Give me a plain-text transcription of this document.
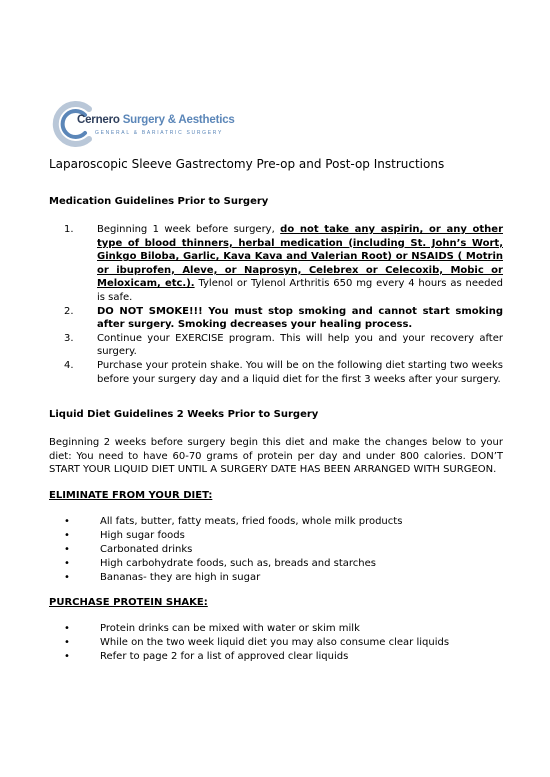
Cernero Surgery & Aesthetics
GENERAL & BARIATRIC SURGERY
Laparoscopic Sleeve Gastrectomy Pre-op and Post-op Instructions
Medication Guidelines Prior to Surgery
1. Beginning 1 week before surgery, do not take any aspirin, or any other type of blood thinners, herbal medication (including St. John’s Wort, Ginkgo Biloba, Garlic, Kava Kava and Valerian Root) or NSAIDS ( Motrin or ibuprofen, Aleve, or Naprosyn, Celebrex or Celecoxib, Mobic or Meloxicam, etc.). Tylenol or Tylenol Arthritis 650 mg every 4 hours as needed is safe.
2. DO NOT SMOKE!!! You must stop smoking and cannot start smoking after surgery. Smoking decreases your healing process.
3. Continue your EXERCISE program. This will help you and your recovery after surgery.
4. Purchase your protein shake. You will be on the following diet starting two weeks before your surgery day and a liquid diet for the first 3 weeks after your surgery.
Liquid Diet Guidelines 2 Weeks Prior to Surgery
Beginning 2 weeks before surgery begin this diet and make the changes below to your diet: You need to have 60-70 grams of protein per day and under 800 calories. DON’T START YOUR LIQUID DIET UNTIL A SURGERY DATE HAS BEEN ARRANGED WITH SURGEON.
ELIMINATE FROM YOUR DIET:
•	All fats, butter, fatty meats, fried foods, whole milk products
•	High sugar foods
•	Carbonated drinks
•	High carbohydrate foods, such as, breads and starches
•	Bananas- they are high in sugar
PURCHASE PROTEIN SHAKE:
•	Protein drinks can be mixed with water or skim milk
•	While on the two week liquid diet you may also consume clear liquids
•	Refer to page 2 for a list of approved clear liquids
